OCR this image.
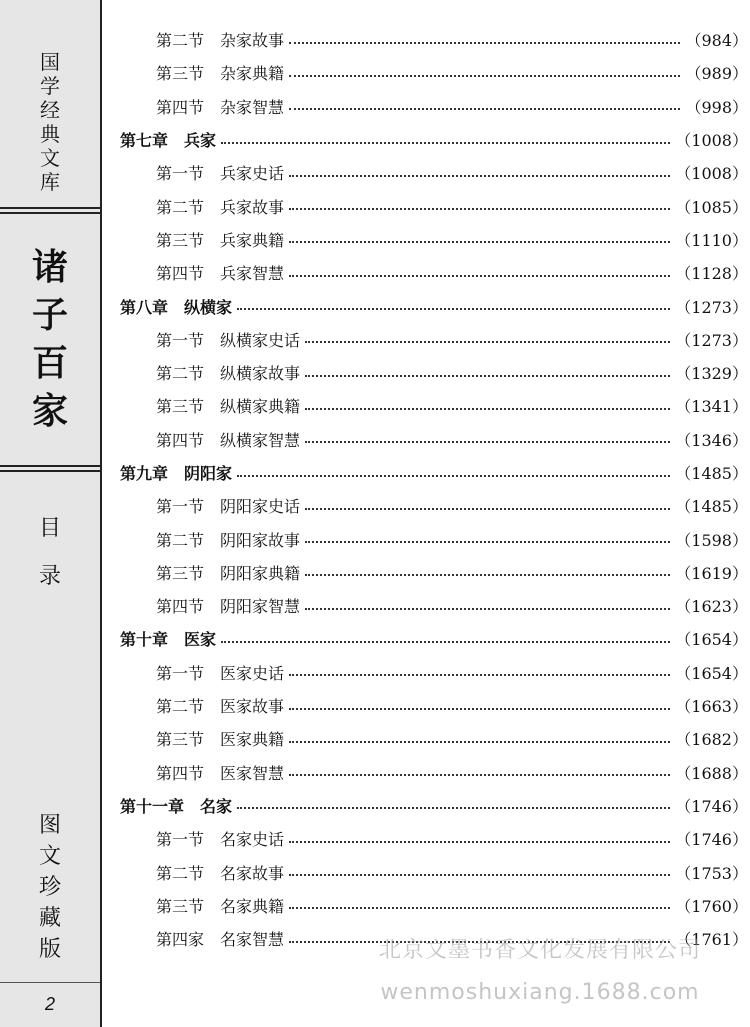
国
学
经
典
文
库
诸
子
百
家
目
录
图
文
珍
藏
版
2
第二节　杂家故事	（984）
第三节　杂家典籍	（989）
第四节　杂家智慧	（998）
第七章　兵家	（1008）
第一节　兵家史话	（1008）
第二节　兵家故事	（1085）
第三节　兵家典籍	（1110）
第四节　兵家智慧	（1128）
第八章　纵横家	（1273）
第一节　纵横家史话	（1273）
第二节　纵横家故事	（1329）
第三节　纵横家典籍	（1341）
第四节　纵横家智慧	（1346）
第九章　阴阳家	（1485）
第一节　阴阳家史话	（1485）
第二节　阴阳家故事	（1598）
第三节　阴阳家典籍	（1619）
第四节　阴阳家智慧	（1623）
第十章　医家	（1654）
第一节　医家史话	（1654）
第二节　医家故事	（1663）
第三节　医家典籍	（1682）
第四节　医家智慧	（1688）
第十一章　名家	（1746）
第一节　名家史话	（1746）
第二节　名家故事	（1753）
第三节　名家典籍	（1760）
第四家　名家智慧	（1761）
北京文墨书香文化发展有限公司
wenmoshuxiang.1688.com
